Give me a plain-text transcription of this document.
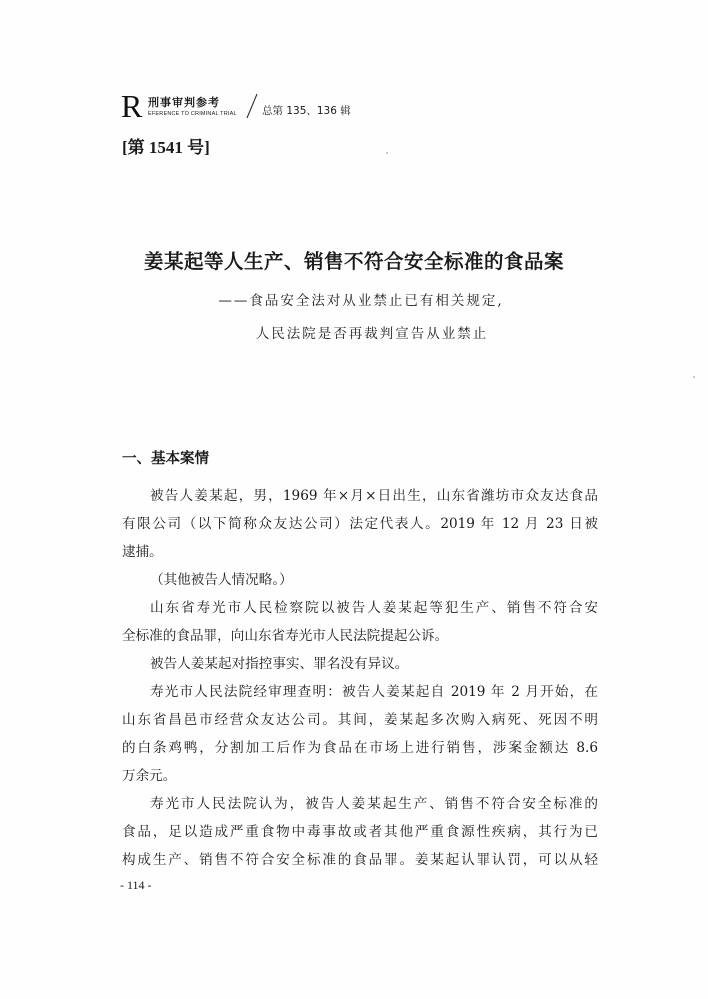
R 刑事审判参考
EFERENCE TO CRIMINAL TRIAL 总第 135、136 辑
[第 1541 号]
姜某起等人生产、销售不符合安全标准的食品案
——食品安全法对从业禁止已有相关规定,
人民法院是否再裁判宣告从业禁止
一、基本案情
被告人姜某起，男，1969 年×月×日出生，山东省潍坊市众友达食品
有限公司（以下简称众友达公司）法定代表人。2019 年 12 月 23 日被
逮捕。
（其他被告人情况略。）
山东省寿光市人民检察院以被告人姜某起等犯生产、销售不符合安
全标准的食品罪，向山东省寿光市人民法院提起公诉。
被告人姜某起对指控事实、罪名没有异议。
寿光市人民法院经审理查明：被告人姜某起自 2019 年 2 月开始，在
山东省昌邑市经营众友达公司。其间，姜某起多次购入病死、死因不明
的白条鸡鸭，分割加工后作为食品在市场上进行销售，涉案金额达 8.6
万余元。
寿光市人民法院认为，被告人姜某起生产、销售不符合安全标准的
食品，足以造成严重食物中毒事故或者其他严重食源性疾病，其行为已
构成生产、销售不符合安全标准的食品罪。姜某起认罪认罚，可以从轻
- 114 -
